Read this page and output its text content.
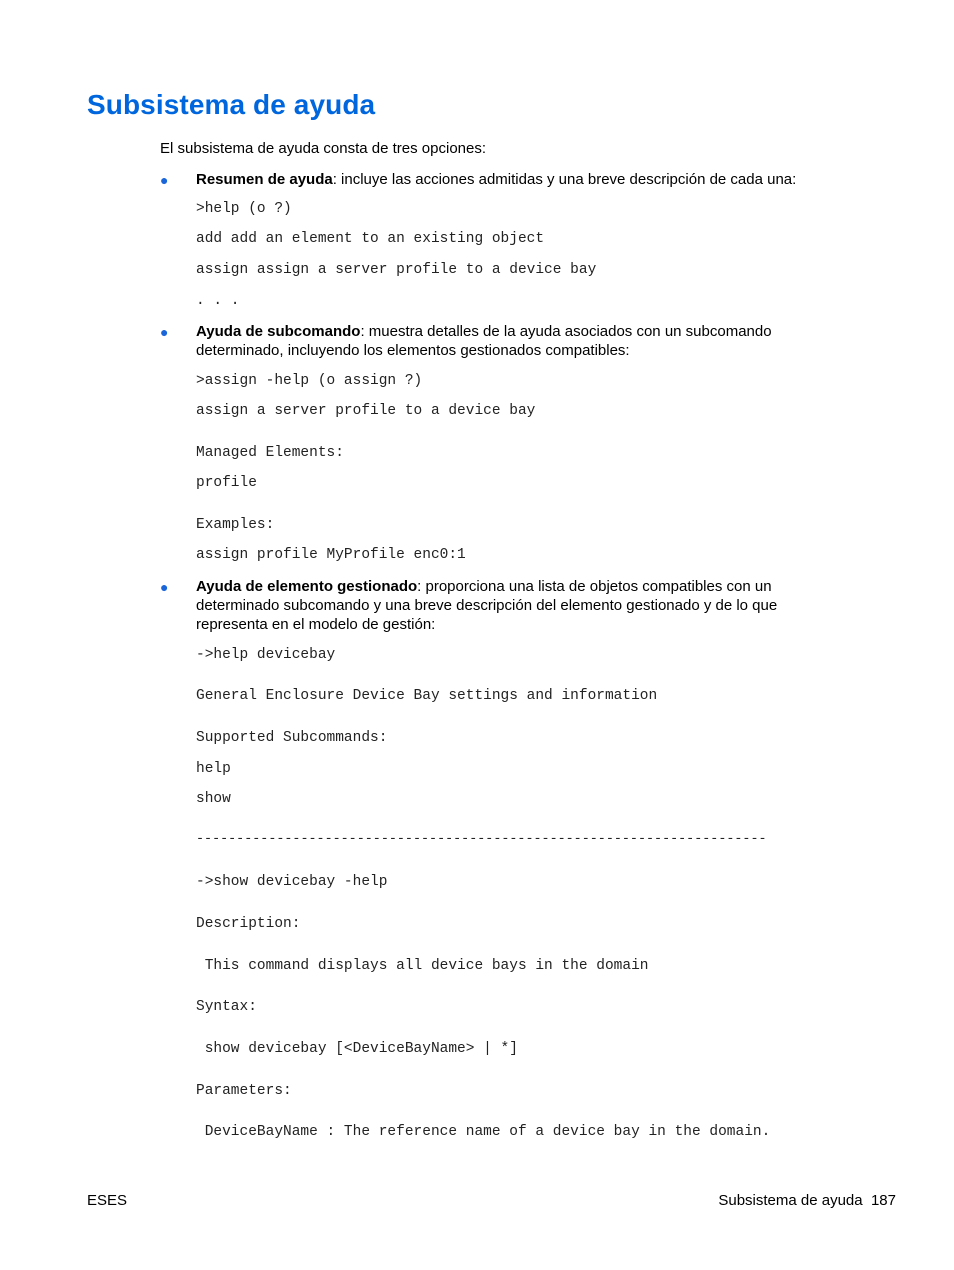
Subsistema de ayuda
El subsistema de ayuda consta de tres opciones:
● Resumen de ayuda: incluye las acciones admitidas y una breve descripción de cada una:
>help (o ?)
add add an element to an existing object
assign assign a server profile to a device bay
. . .
● Ayuda de subcomando: muestra detalles de la ayuda asociados con un subcomando determinado, incluyendo los elementos gestionados compatibles:
>assign -help (o assign ?)
assign a server profile to a device bay
Managed Elements:
profile
Examples:
assign profile MyProfile enc0:1
● Ayuda de elemento gestionado: proporciona una lista de objetos compatibles con un determinado subcomando y una breve descripción del elemento gestionado y de lo que representa en el modelo de gestión:
->help devicebay
General Enclosure Device Bay settings and information
Supported Subcommands:
help
show
-----------------------------------------------------------------------
->show devicebay -help
Description:
This command displays all device bays in the domain
Syntax:
show devicebay [<DeviceBayName> | *]
Parameters:
DeviceBayName : The reference name of a device bay in the domain.
ESES	Subsistema de ayuda 187
